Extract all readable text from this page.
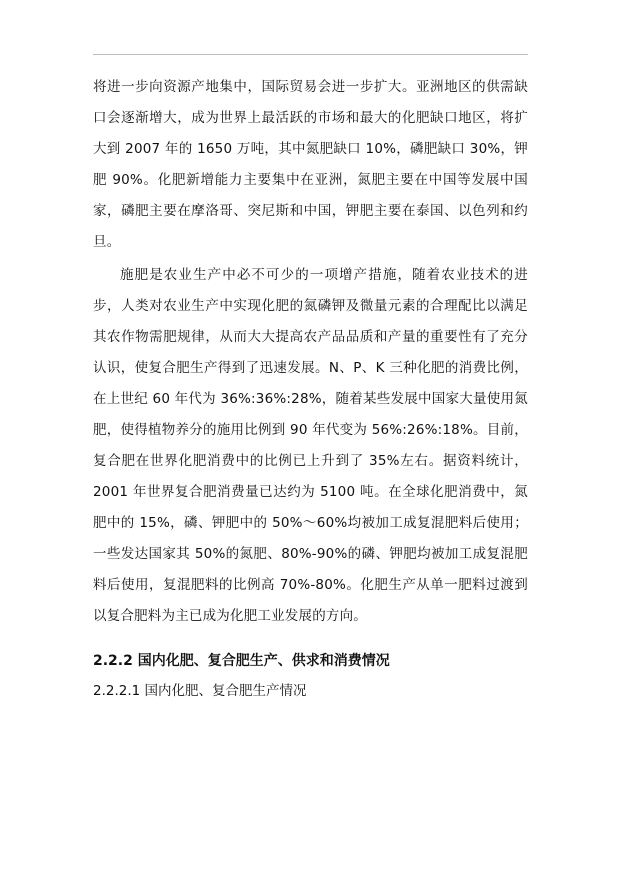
将进一步向资源产地集中，国际贸易会进一步扩大。亚洲地区的供需缺口会逐渐增大，成为世界上最活跃的市场和最大的化肥缺口地区，将扩大到 2007 年的 1650 万吨，其中氮肥缺口 10%，磷肥缺口 30%，钾肥 90%。化肥新增能力主要集中在亚洲，氮肥主要在中国等发展中国家，磷肥主要在摩洛哥、突尼斯和中国，钾肥主要在泰国、以色列和约旦。

施肥是农业生产中必不可少的一项增产措施，随着农业技术的进步，人类对农业生产中实现化肥的氮磷钾及微量元素的合理配比以满足其农作物需肥规律，从而大大提高农产品品质和产量的重要性有了充分认识，使复合肥生产得到了迅速发展。N、P、K 三种化肥的消费比例，在上世纪 60 年代为 36%:36%:28%，随着某些发展中国家大量使用氮肥，使得植物养分的施用比例到 90 年代变为 56%:26%:18%。目前，复合肥在世界化肥消费中的比例已上升到了 35%左右。据资料统计，2001 年世界复合肥消费量已达约为 5100 吨。在全球化肥消费中，氮肥中的 15%，磷、钾肥中的 50%～60%均被加工成复混肥料后使用；一些发达国家其 50%的氮肥、80%-90%的磷、钾肥均被加工成复混肥料后使用，复混肥料的比例高 70%-80%。化肥生产从单一肥料过渡到以复合肥料为主已成为化肥工业发展的方向。

2.2.2 国内化肥、复合肥生产、供求和消费情况
2.2.2.1 国内化肥、复合肥生产情况
